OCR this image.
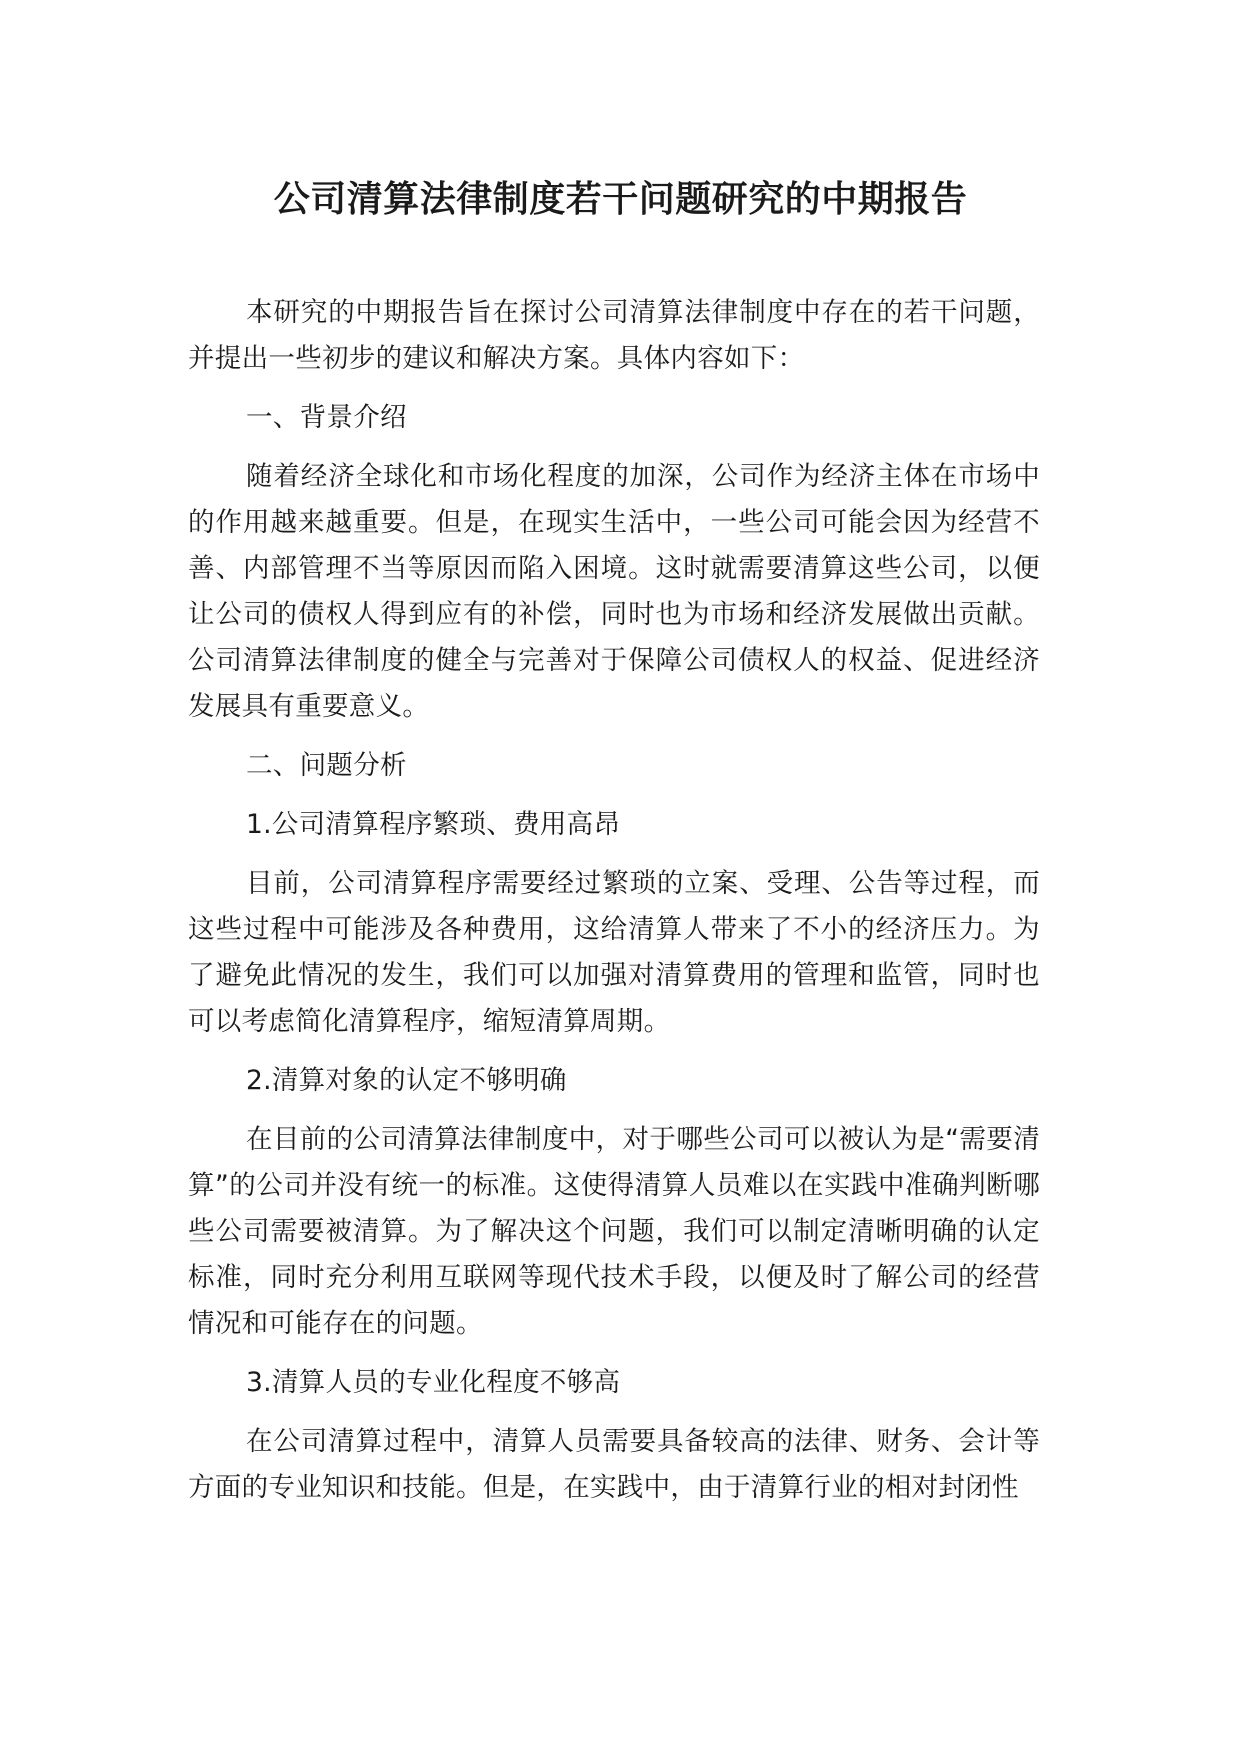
公司清算法律制度若干问题研究的中期报告

本研究的中期报告旨在探讨公司清算法律制度中存在的若干问题，并提出一些初步的建议和解决方案。具体内容如下：

一、背景介绍

随着经济全球化和市场化程度的加深，公司作为经济主体在市场中的作用越来越重要。但是，在现实生活中，一些公司可能会因为经营不善、内部管理不当等原因而陷入困境。这时就需要清算这些公司，以便让公司的债权人得到应有的补偿，同时也为市场和经济发展做出贡献。公司清算法律制度的健全与完善对于保障公司债权人的权益、促进经济发展具有重要意义。

二、问题分析

1.公司清算程序繁琐、费用高昂

目前，公司清算程序需要经过繁琐的立案、受理、公告等过程，而这些过程中可能涉及各种费用，这给清算人带来了不小的经济压力。为了避免此情况的发生，我们可以加强对清算费用的管理和监管，同时也可以考虑简化清算程序，缩短清算周期。

2.清算对象的认定不够明确

在目前的公司清算法律制度中，对于哪些公司可以被认为是“需要清算”的公司并没有统一的标准。这使得清算人员难以在实践中准确判断哪些公司需要被清算。为了解决这个问题，我们可以制定清晰明确的认定标准，同时充分利用互联网等现代技术手段，以便及时了解公司的经营情况和可能存在的问题。

3.清算人员的专业化程度不够高

在公司清算过程中，清算人员需要具备较高的法律、财务、会计等方面的专业知识和技能。但是，在实践中，由于清算行业的相对封闭性
